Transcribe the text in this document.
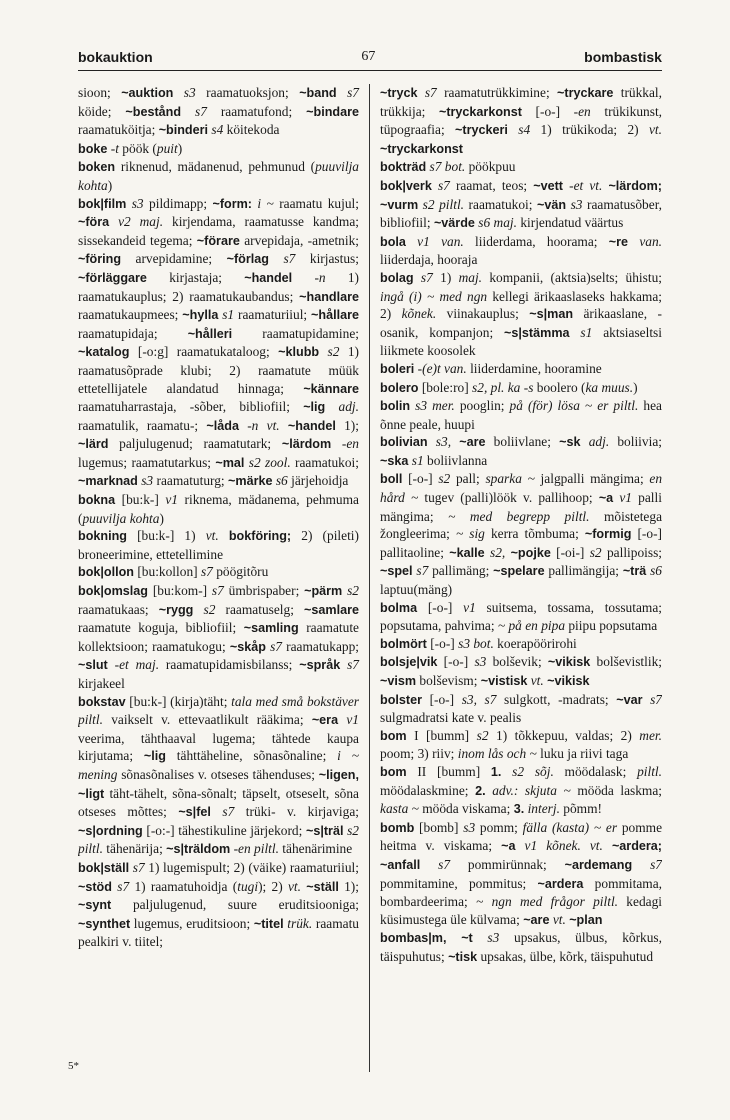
bokauktion	67	bombastisk

sioon; ~auktion s3 raamatuoksjon; ~band s7 köide; ~bestånd s7 raamatufond; ~bindare raamatuköitja; ~binderi s4 köitekoda

boke -t pöök (puit)

boken riknenud, mädanenud, pehmunud (puuvilja kohta)

bok|film s3 pildimapp; ~form: i ~ raamatu kujul; ~föra v2 maj. kirjendama, raamatusse kandma; sissekandeid tegema; ~förare arvepidaja, -ametnik; ~föring arvepidamine; ~förlag s7 kirjastus; ~förläggare kirjastaja; ~handel -n 1) raamatukauplus; 2) raamatukaubandus; ~handlare raamatukaupmees; ~hylla s1 raamaturiiul; ~hållare raamatupidaja; ~hålleri raamatupidamine; ~katalog [-o:g] raamatukataloog; ~klubb s2 1) raamatusõprade klubi; 2) raamatute müük ettetellijatele alandatud hinnaga; ~kännare raamatuharrastaja, -sõber, bibliofiil; ~lig adj. raamatulik, raamatu-; ~låda -n vt. ~handel 1); ~lärd paljulugenud; raamatutark; ~lärdom -en lugemus; raamatutarkus; ~mal s2 zool. raamatukoi; ~marknad s3 raamatuturg; ~märke s6 järjehoidja

bokna [bu:k-] v1 riknema, mädanema, pehmuma (puuvilja kohta)

bokning [bu:k-] 1) vt. bokföring; 2) (pileti) broneerimine, ettetellimine

bok|ollon [bu:kollon] s7 pöögitõru

bok|omslag [bu:kom-] s7 ümbrispaber; ~pärm s2 raamatukaas; ~rygg s2 raamatuselg; ~samlare raamatute koguja, bibliofiil; ~samling raamatute kollektsioon; raamatukogu; ~skåp s7 raamatukapp; ~slut -et maj. raamatupidamisbilanss; ~språk s7 kirjakeel

bokstav [bu:k-] (kirja)täht; tala med små bokstäver piltl. vaikselt v. ettevaatlikult rääkima; ~era v1 veerima, tähthaaval lugema; tähtede kaupa kirjutama; ~lig tähttäheline, sõnasõnaline; i ~ mening sõnasõnalises v. otseses tähenduses; ~ligen, ~ligt täht-tähelt, sõna-sõnalt; täpselt, otseselt, sõna otseses mõttes; ~s|fel s7 trüki- v. kirjaviga; ~s|ordning [-o:-] tähestikuline järjekord; ~s|träl s2 piltl. tähenärija; ~s|träldom -en piltl. tähenärimine

bok|ställ s7 1) lugemispult; 2) (väike) raamaturiiul; ~stöd s7 1) raamatuhoidja (tugi); 2) vt. ~ställ 1); ~synt paljulugenud, suure eruditsiooniga; ~synthet lugemus, eruditsioon; ~titel trük. raamatu pealkiri v. tiitel;

~tryck s7 raamatutrükkimine; ~tryckare trükkal, trükkija; ~tryckarkonst [-o-] -en trükikunst, tüpograafia; ~tryckeri s4 1) trükikoda; 2) vt. ~tryckarkonst

bokträd s7 bot. pöökpuu

bok|verk s7 raamat, teos; ~vett -et vt. ~lärdom; ~vurm s2 piltl. raamatukoi; ~vän s3 raamatusõber, bibliofiil; ~värde s6 maj. kirjendatud väärtus

bola v1 van. liiderdama, hoorama; ~re van. liiderdaja, hooraja

bolag s7 1) maj. kompanii, (aktsia)selts; ühistu; ingå (i) ~ med ngn kellegi ärikaaslaseks hakkama; 2) kõnek. viinakauplus; ~s|man ärikaaslane, -osanik, kompanjon; ~s|stämma s1 aktsiaseltsi liikmete koosolek

boleri -(e)t van. liiderdamine, hooramine

bolero [bole:ro] s2, pl. ka -s boolero (ka muus.)

bolin s3 mer. pooglin; på (för) lösa ~ er piltl. hea õnne peale, huupi

bolivian s3, ~are boliivlane; ~sk adj. boliivia; ~ska s1 boliivlanna

boll [-o-] s2 pall; sparka ~ jalgpalli mängima; en hård ~ tugev (palli)löök v. pallihoop; ~a v1 palli mängima; ~ med begrepp piltl. mõistetega žongleerima; ~ sig kerra tõmbuma; ~formig [-o-] pallitaoline; ~kalle s2, ~pojke [-oi-] s2 pallipoiss; ~spel s7 pallimäng; ~spelare pallimängija; ~trä s6 laptuu(mäng)

bolma [-o-] v1 suitsema, tossama, tossutama; popsutama, pahvima; ~ på en pipa piipu popsutama

bolmört [-o-] s3 bot. koerapöörirohi

bolsje|vik [-o-] s3 bolševik; ~vikisk bolševistlik; ~vism bolševism; ~vistisk vt. ~vikisk

bolster [-o-] s3, s7 sulgkott, -madrats; ~var s7 sulgmadratsi kate v. pealis

bom I [bumm] s2 1) tõkkepuu, valdas; 2) mer. poom; 3) riiv; inom lås och ~ luku ja riivi taga

bom II [bumm] 1. s2 sõj. möödalask; piltl. möödalaskmine; 2. adv.: skjuta ~ mööda laskma; kasta ~ mööda viskama; 3. interj. põmm!

bomb [bomb] s3 pomm; fälla (kasta) ~ er pomme heitma v. viskama; ~a v1 kõnek. vt. ~ardera; ~anfall s7 pommirünnak; ~ardemang s7 pommitamine, pommitus; ~ardera pommitama, bombardeerima; ~ ngn med frågor piltl. kedagi küsimustega üle külvama; ~are vt. ~plan

bombas|m, ~t s3 upsakus, ülbus, kõrkus, täispuhutus; ~tisk upsakas, ülbe, kõrk, täispuhutud

5*
